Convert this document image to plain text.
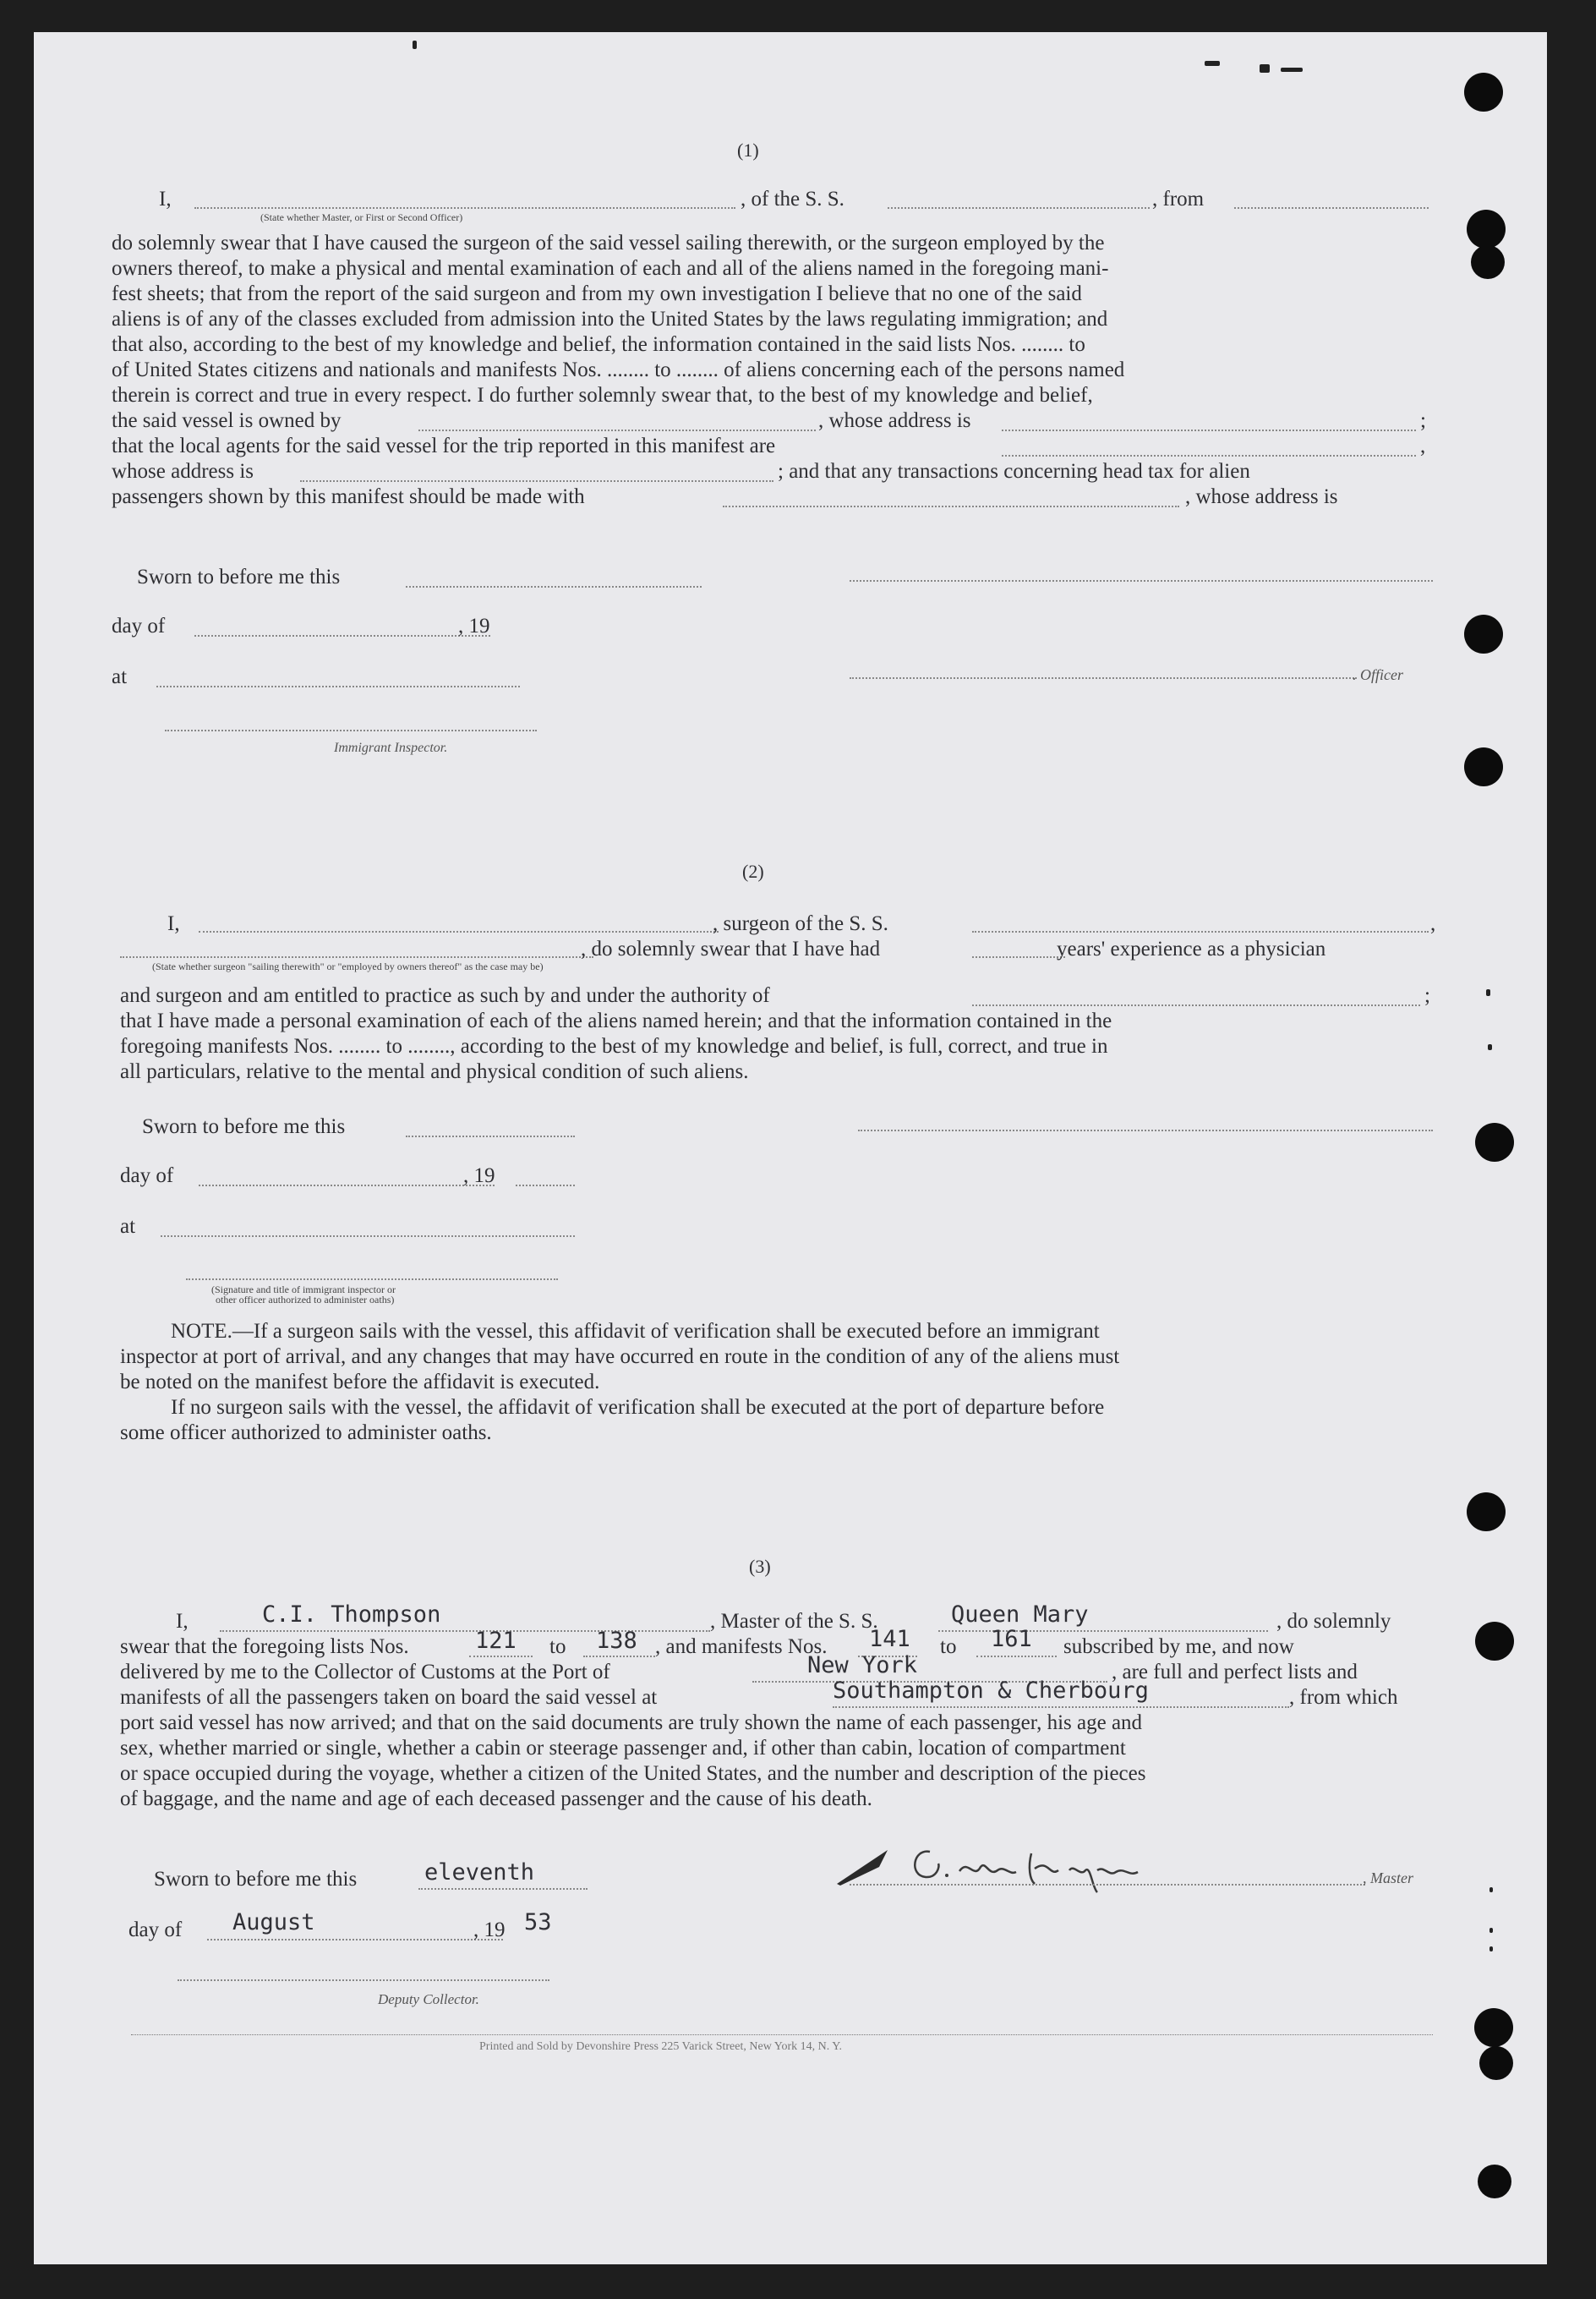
(1)
I,	, of the S. S.	, from
(State whether Master, or First or Second Officer)
do solemnly swear that I have caused the surgeon of the said vessel sailing therewith, or the surgeon employed by the
owners thereof, to make a physical and mental examination of each and all of the aliens named in the foregoing mani-
fest sheets; that from the report of the said surgeon and from my own investigation I believe that no one of the said
aliens is of any of the classes excluded from admission into the United States by the laws regulating immigration; and
that also, according to the best of my knowledge and belief, the information contained in the said lists Nos. ........ to
of United States citizens and nationals and manifests Nos. ........ to ........ of aliens concerning each of the persons named
therein is correct and true in every respect. I do further solemnly swear that, to the best of my knowledge and belief,
the said vessel is owned by	, whose address is	;
that the local agents for the said vessel for the trip reported in this manifest are	,
whose address is	; and that any transactions concerning head tax for alien
passengers shown by this manifest should be made with	, whose address is
Sworn to before me this
day of	, 19
at	. Officer
Immigrant Inspector.
(2)
I,	, surgeon of the S. S.	,
, do solemnly swear that I have had	years' experience as a physician
(State whether surgeon "sailing therewith" or "employed by owners thereof" as the case may be)
and surgeon and am entitled to practice as such by and under the authority of	;
that I have made a personal examination of each of the aliens named herein; and that the information contained in the
foregoing manifests Nos. ........ to ........, according to the best of my knowledge and belief, is full, correct, and true in
all particulars, relative to the mental and physical condition of such aliens.
Sworn to before me this
day of	, 19
at
(Signature and title of immigrant inspector or
other officer authorized to administer oaths)
NOTE.—If a surgeon sails with the vessel, this affidavit of verification shall be executed before an immigrant
inspector at port of arrival, and any changes that may have occurred en route in the condition of any of the aliens must
be noted on the manifest before the affidavit is executed.
If no surgeon sails with the vessel, the affidavit of verification shall be executed at the port of departure before
some officer authorized to administer oaths.
(3)
I,	C.I. Thompson	, Master of the S. S.	Queen Mary	, do solemnly
swear that the foregoing lists Nos.	121 to 138 , and manifests Nos. 141 to 161 subscribed by me, and now
delivered by me to the Collector of Customs at the Port of	New York	, are full and perfect lists and
manifests of all the passengers taken on board the said vessel at	Southampton & Cherbourg	, from which
port said vessel has now arrived; and that on the said documents are truly shown the name of each passenger, his age and
sex, whether married or single, whether a cabin or steerage passenger and, if other than cabin, location of compartment
or space occupied during the voyage, whether a citizen of the United States, and the number and description of the pieces
of baggage, and the name and age of each deceased passenger and the cause of his death.
Sworn to before me this	eleventh	, Master
day of August	, 19 53
Deputy Collector.
Printed and Sold by Devonshire Press 225 Varick Street, New York 14, N. Y.
